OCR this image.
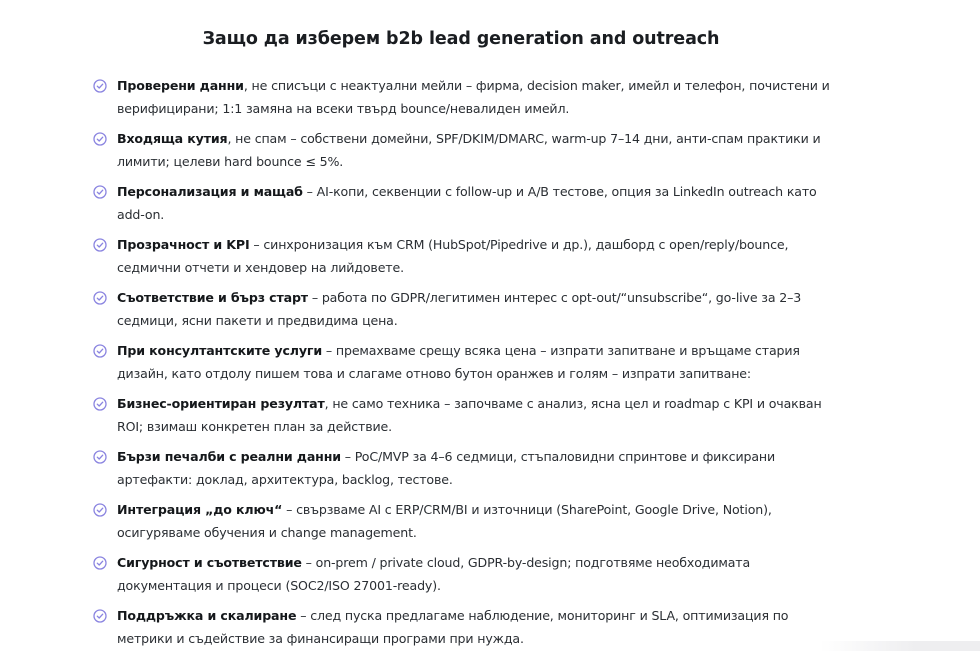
Защо да изберем b2b lead generation and outreach
Проверени данни, не списъци с неактуални мейли – фирма, decision maker, имейл и телефон, почистени и верифицирани; 1:1 замяна на всеки твърд bounce/невалиден имейл.
Входяща кутия, не спам – собствени домейни, SPF/DKIM/DMARC, warm-up 7–14 дни, анти-спам практики и лимити; целеви hard bounce ≤ 5%.
Персонализация и мащаб – AI-копи, секвенции с follow-up и A/B тестове, опция за LinkedIn outreach като add-on.
Прозрачност и KPI – синхронизация към CRM (HubSpot/Pipedrive и др.), дашборд с open/reply/bounce, седмични отчети и хендовер на лийдовете.
Съответствие и бърз старт – работа по GDPR/легитимен интерес с opt-out/“unsubscribe“, go-live за 2–3 седмици, ясни пакети и предвидима цена.
При консултантските услуги – премахваме срещу всяка цена – изпрати запитване и връщаме стария дизайн, като отдолу пишем това и слагаме отново бутон оранжев и голям – изпрати запитване:
Бизнес-ориентиран резултат, не само техника – започваме с анализ, ясна цел и roadmap с KPI и очакван ROI; взимаш конкретен план за действие.
Бързи печалби с реални данни – PoC/MVP за 4–6 седмици, стъпаловидни спринтове и фиксирани артефакти: доклад, архитектура, backlog, тестове.
Интеграция „до ключ“ – свързваме AI с ERP/CRM/BI и източници (SharePoint, Google Drive, Notion), осигуряваме обучения и change management.
Сигурност и съответствие – on-prem / private cloud, GDPR-by-design; подготвяме необходимата документация и процеси (SOC2/ISO 27001-ready).
Поддръжка и скалиране – след пуска предлагаме наблюдение, мониторинг и SLA, оптимизация по метрики и съдействие за финансиращи програми при нужда.
